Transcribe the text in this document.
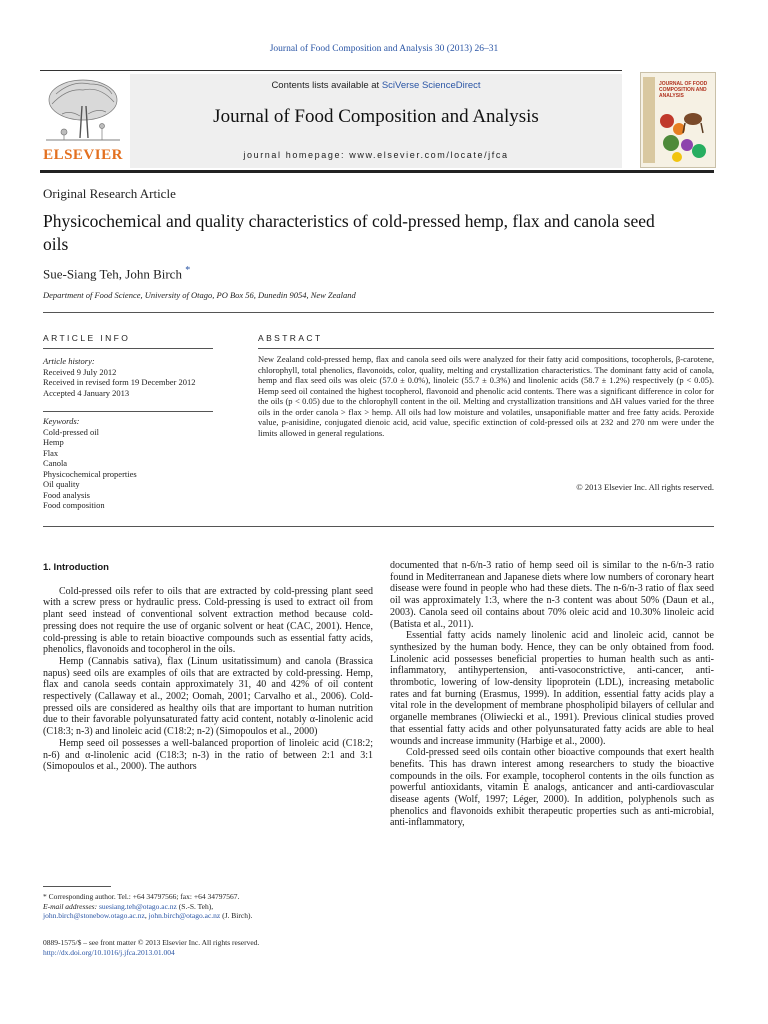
Journal of Food Composition and Analysis 30 (2013) 26–31
ELSEVIER
Contents lists available at SciVerse ScienceDirect
Journal of Food Composition and Analysis
journal homepage: www.elsevier.com/locate/jfca
JOURNAL OF FOOD COMPOSITION AND ANALYSIS
Original Research Article
Physicochemical and quality characteristics of cold-pressed hemp, flax and canola seed oils
Sue-Siang Teh, John Birch *
Department of Food Science, University of Otago, PO Box 56, Dunedin 9054, New Zealand
ARTICLE INFO
Article history:
Received 9 July 2012
Received in revised form 19 December 2012
Accepted 4 January 2013
Keywords:
Cold-pressed oil
Hemp
Flax
Canola
Physicochemical properties
Oil quality
Food analysis
Food composition
ABSTRACT
New Zealand cold-pressed hemp, flax and canola seed oils were analyzed for their fatty acid compositions, tocopherols, β-carotene, chlorophyll, total phenolics, flavonoids, color, quality, melting and crystallization characteristics. The dominant fatty acid of canola, hemp and flax seed oils was oleic (57.0 ± 0.0%), linoleic (55.7 ± 0.3%) and linolenic acids (58.7 ± 1.2%) respectively (p < 0.05). Hemp seed oil contained the highest tocopherol, flavonoid and phenolic acid contents. There was a significant difference in color for the oils (p < 0.05) due to the chlorophyll content in the oil. Melting and crystallization transitions and ΔH values varied for the three oils in the order canola > flax > hemp. All oils had low moisture and volatiles, unsaponifiable matter and free fatty acids. Peroxide value, p-anisidine, conjugated dienoic acid, acid value, specific extinction of cold-pressed oils at 232 and 270 nm were under the limits allowed in general regulations.
© 2013 Elsevier Inc. All rights reserved.
1. Introduction

Cold-pressed oils refer to oils that are extracted by cold-pressing plant seed with a screw press or hydraulic press. Cold-pressing is used to extract oil from plant seed instead of conventional solvent extraction method because cold-pressing does not require the use of organic solvent or heat (CAC, 2001). Hence, cold-pressing is able to retain bioactive compounds such as essential fatty acids, phenolics, flavonoids and tocopherol in the oils.

Hemp (Cannabis sativa), flax (Linum usitatissimum) and canola (Brassica napus) seed oils are examples of oils that are extracted by cold-pressing. Hemp, flax and canola seeds contain approximately 31, 40 and 42% of oil content respectively (Callaway et al., 2002; Oomah, 2001; Carvalho et al., 2006). Cold-pressed oils are considered as healthy oils that are important to human nutrition due to their favorable polyunsaturated fatty acid content, notably α-linolenic acid (C18:3; n-3) and linoleic acid (C18:2; n-2) (Simopoulos et al., 2000)

Hemp seed oil possesses a well-balanced proportion of linoleic acid (C18:2; n-6) and α-linolenic acid (C18:3; n-3) in the ratio of between 2:1 and 3:1 (Simopoulos et al., 2000). The authors

documented that n-6/n-3 ratio of hemp seed oil is similar to the n-6/n-3 ratio found in Mediterranean and Japanese diets where low numbers of coronary heart disease were found in people who had these diets. The n-6/n-3 ratio of flax seed oil was approximately 1:3, where the n-3 content was about 50% (Daun et al., 2003). Canola seed oil contains about 70% oleic acid and 10.30% linoleic acid (Batista et al., 2011).

Essential fatty acids namely linolenic acid and linoleic acid, cannot be synthesized by the human body. Hence, they can be only obtained from food. Linolenic acid possesses beneficial properties to human health such as anti-inflammatory, antihypertension, anti-vasoconstrictive, anti-cancer, anti-thrombotic, lowering of low-density lipoprotein (LDL), increasing metabolic rates and fat burning (Erasmus, 1999). In addition, essential fatty acids play a vital role in the development of membrane phospholipid bilayers of cellular and organelle membranes (Oliwiecki et al., 1991). Previous clinical studies proved that essential fatty acids and other polyunsaturated fatty acids are able to heal wounds and increase immunity (Harbige et al., 2000).

Cold-pressed seed oils contain other bioactive compounds that exert health benefits. This has drawn interest among researchers to study the bioactive compounds in the oils. For example, tocopherol contents in the oils function as powerful antioxidants, vitamin E analogs, anticancer and anti-cardiovascular disease agents (Wolf, 1997; Léger, 2000). In addition, polyphenols such as phenolics and flavonoids exhibit therapeutic properties such as anti-microbial, anti-inflammatory,

* Corresponding author. Tel.: +64 34797566; fax: +64 34797567.
E-mail addresses: suesiang.teh@otago.ac.nz (S.-S. Teh),
john.birch@stonebow.otago.ac.nz, john.birch@otago.ac.nz (J. Birch).
0889-1575/$ – see front matter © 2013 Elsevier Inc. All rights reserved.
http://dx.doi.org/10.1016/j.jfca.2013.01.004
